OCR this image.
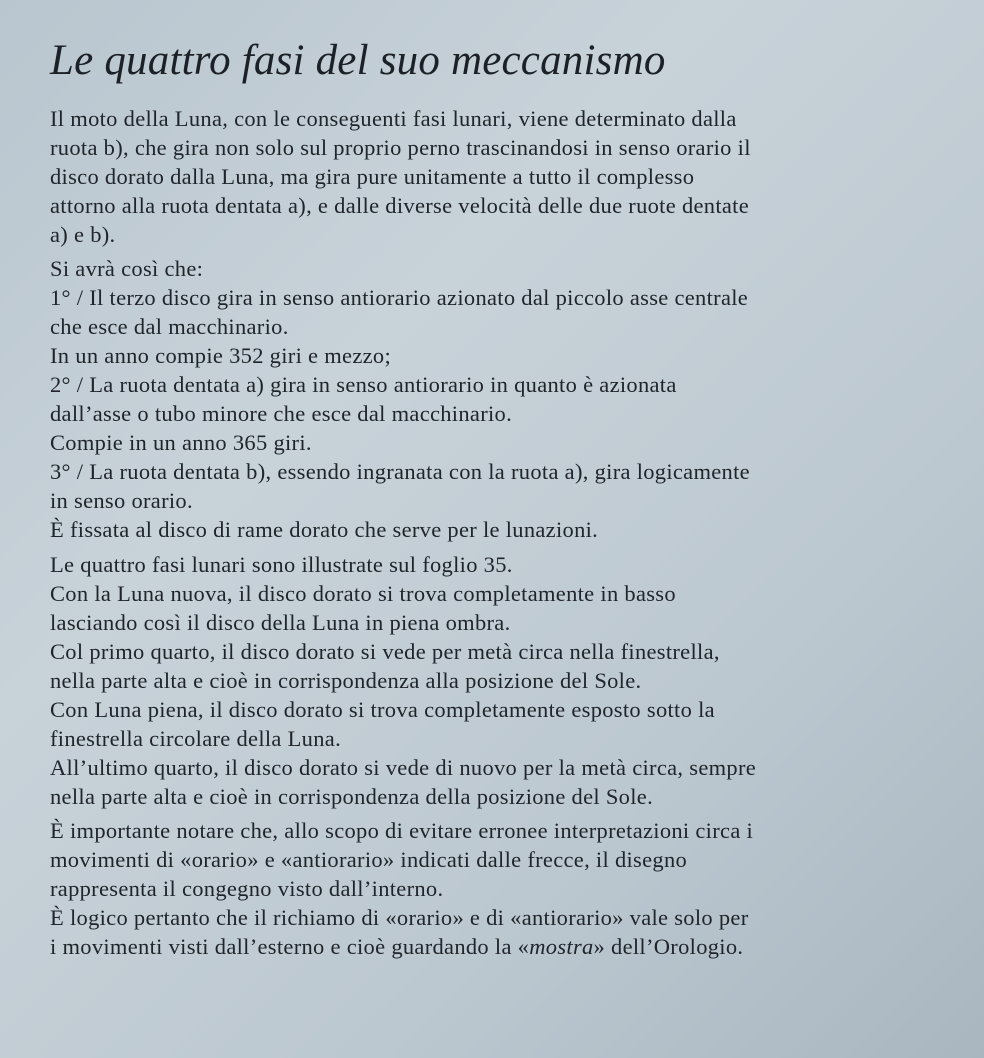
Le quattro fasi del suo meccanismo
Il moto della Luna, con le conseguenti fasi lunari, viene determinato dalla
ruota b), che gira non solo sul proprio perno trascinandosi in senso orario il
disco dorato dalla Luna, ma gira pure unitamente a tutto il complesso
attorno alla ruota dentata a), e dalle diverse velocità delle due ruote dentate
a) e b).
Si avrà così che:
1° / Il terzo disco gira in senso antiorario azionato dal piccolo asse centrale
che esce dal macchinario.
In un anno compie 352 giri e mezzo;
2° / La ruota dentata a) gira in senso antiorario in quanto è azionata
dall’asse o tubo minore che esce dal macchinario.
Compie in un anno 365 giri.
3° / La ruota dentata b), essendo ingranata con la ruota a), gira logicamente
in senso orario.
È fissata al disco di rame dorato che serve per le lunazioni.
Le quattro fasi lunari sono illustrate sul foglio 35.
Con la Luna nuova, il disco dorato si trova completamente in basso
lasciando così il disco della Luna in piena ombra.
Col primo quarto, il disco dorato si vede per metà circa nella finestrella,
nella parte alta e cioè in corrispondenza alla posizione del Sole.
Con Luna piena, il disco dorato si trova completamente esposto sotto la
finestrella circolare della Luna.
All’ultimo quarto, il disco dorato si vede di nuovo per la metà circa, sempre
nella parte alta e cioè in corrispondenza della posizione del Sole.
È importante notare che, allo scopo di evitare erronee interpretazioni circa i
movimenti di «orario» e «antiorario» indicati dalle frecce, il disegno
rappresenta il congegno visto dall’interno.
È logico pertanto che il richiamo di «orario» e di «antiorario» vale solo per
i movimenti visti dall’esterno e cioè guardando la «mostra» dell’Orologio.
